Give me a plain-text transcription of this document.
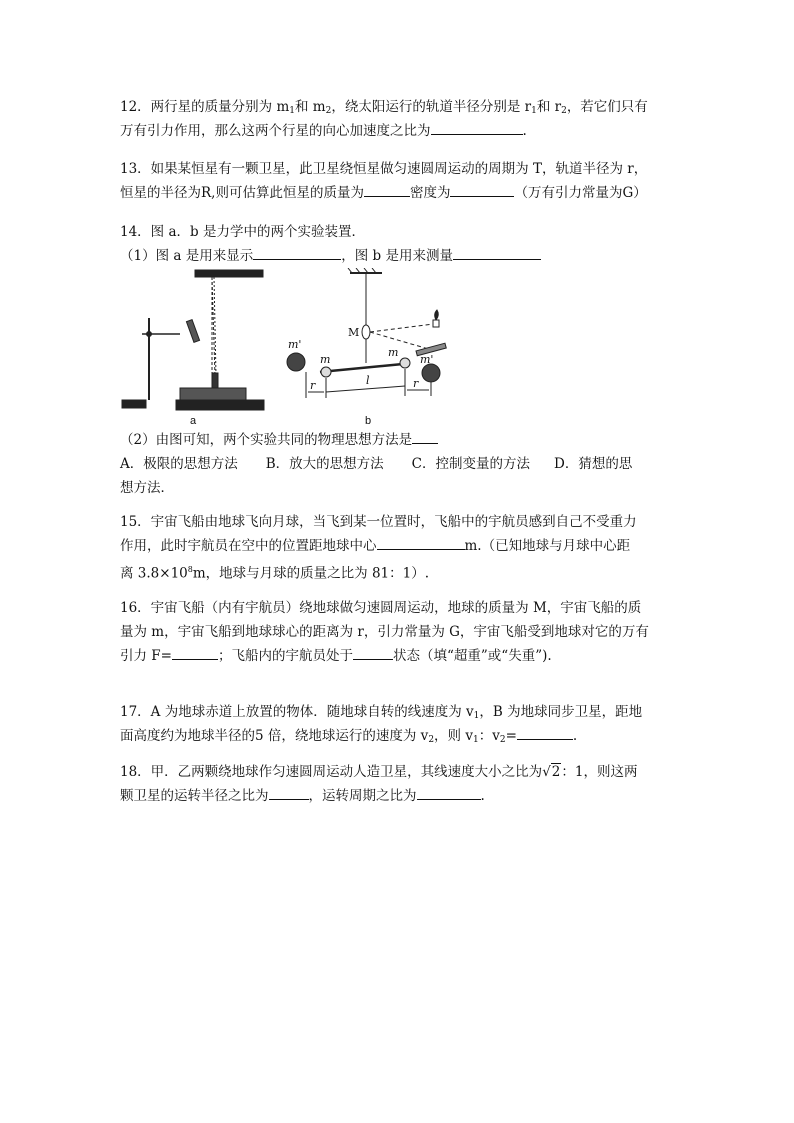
12．两行星的质量分别为 $m_1$和 $m_2$，绕太阳运行的轨道半径分别是 $r_1$和 $r_2$，若它们只有
万有引力作用，那么这两个行星的向心加速度之比为	.
13．如果某恒星有一颗卫星，此卫星绕恒星做匀速圆周运动的周期为 T，轨道半径为 r，
恒星的半径为R,则可估算此恒星的质量为	密度为	（万有引力常量为G）
14．图 a．b 是力学中的两个实验装置．
（1）图 a 是用来显示	，图 b 是用来测量
a
M
m
m
m'
m'
r	l	r
b
（2）由图可知，两个实验共同的物理思想方法是
A．极限的思想方法 B．放大的思想方法 C．控制变量的方法 D．猜想的思
想方法．
15．宇宙飞船由地球飞向月球，当飞到某一位置时，飞船中的宇航员感到自己不受重力
作用，此时宇航员在空中的位置距地球中心	m.（已知地球与月球中心距
离 $3.8\times 10^8m$，地球与月球的质量之比为 81：1）.
16．宇宙飞船（内有宇航员）绕地球做匀速圆周运动，地球的质量为 M，宇宙飞船的质
量为 m，宇宙飞船到地球球心的距离为 r，引力常量为 G，宇宙飞船受到地球对它的万有
引力 F=	；飞船内的宇航员处于	状态（填“超重”或“失重”).
17．A 为地球赤道上放置的物体．随地球自转的线速度为 $v_1$，B 为地球同步卫星，距地
面高度约为地球半径的5 倍，绕地球运行的速度为 $v_2$，则 $v_1$：$v_2=$	.
18．甲．乙两颗绕地球作匀速圆周运动人造卫星，其线速度大小之比为√2：1，则这两
颗卫星的运转半径之比为	，运转周期之比为	.
